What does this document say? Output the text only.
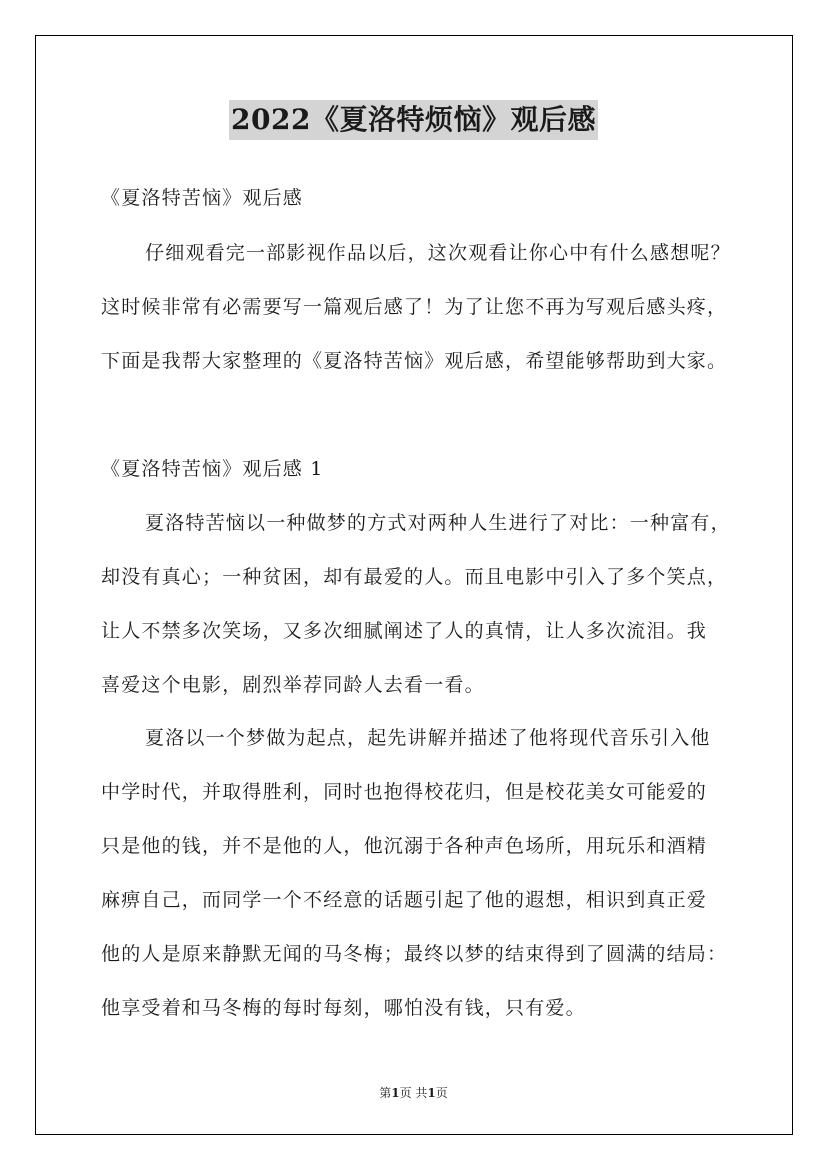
2022《夏洛特烦恼》观后感
《夏洛特苦恼》观后感
仔细观看完一部影视作品以后，这次观看让你心中有什么感想呢？
这时候非常有必需要写一篇观后感了！为了让您不再为写观后感头疼，
下面是我帮大家整理的《夏洛特苦恼》观后感，希望能够帮助到大家。
《夏洛特苦恼》观后感 1
夏洛特苦恼以一种做梦的方式对两种人生进行了对比：一种富有，
却没有真心；一种贫困，却有最爱的人。而且电影中引入了多个笑点，
让人不禁多次笑场，又多次细腻阐述了人的真情，让人多次流泪。我
喜爱这个电影，剧烈举荐同龄人去看一看。
夏洛以一个梦做为起点，起先讲解并描述了他将现代音乐引入他
中学时代，并取得胜利，同时也抱得校花归，但是校花美女可能爱的
只是他的钱，并不是他的人，他沉溺于各种声色场所，用玩乐和酒精
麻痹自己，而同学一个不经意的话题引起了他的遐想，相识到真正爱
他的人是原来静默无闻的马冬梅；最终以梦的结束得到了圆满的结局：
他享受着和马冬梅的每时每刻，哪怕没有钱，只有爱。
第1页 共1页
